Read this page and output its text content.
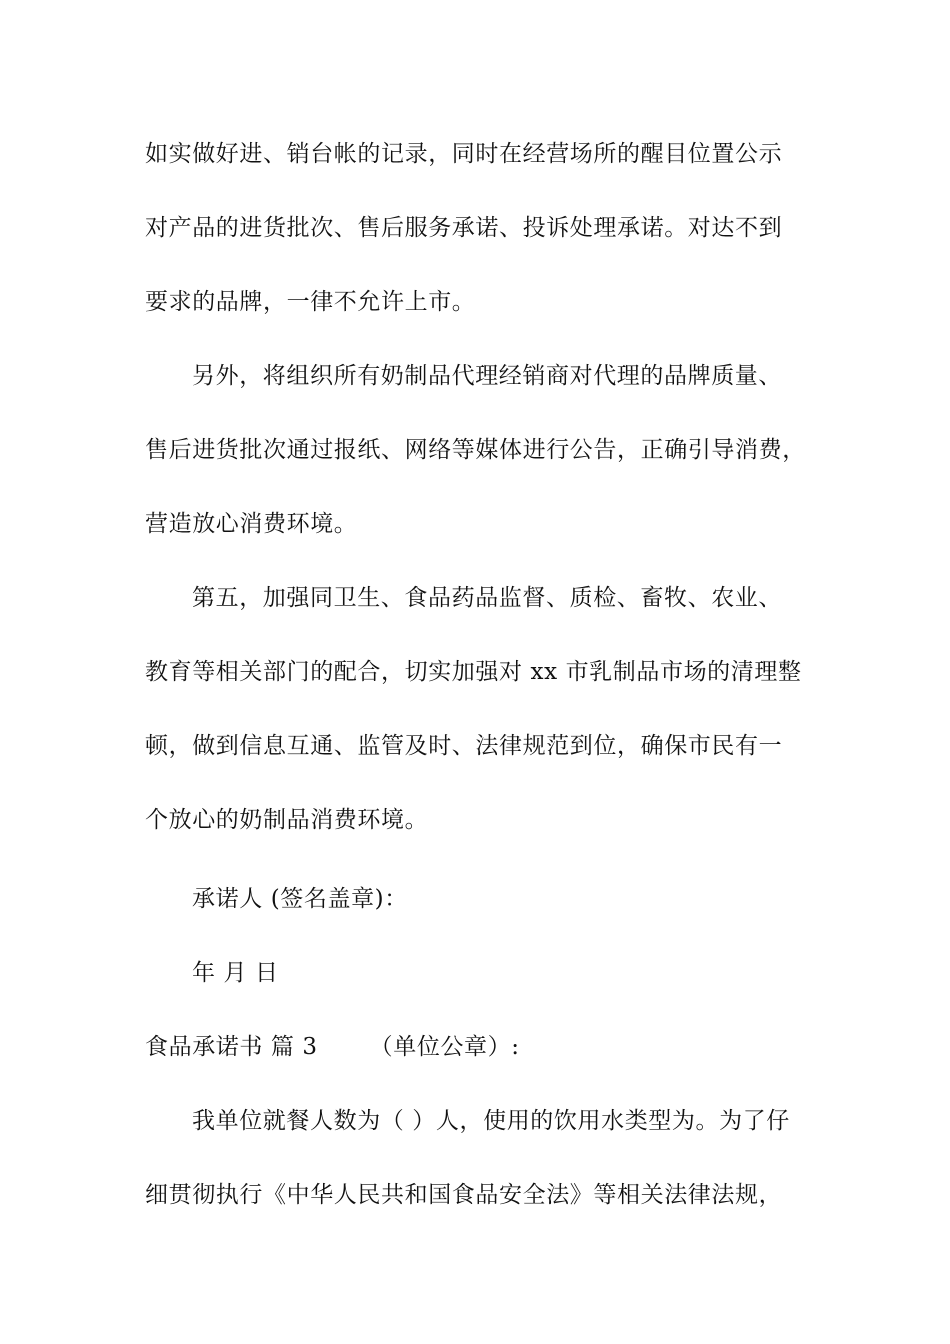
如实做好进、销台帐的记录，同时在经营场所的醒目位置公示

对产品的进货批次、售后服务承诺、投诉处理承诺。对达不到

要求的品牌，一律不允许上市。

另外，将组织所有奶制品代理经销商对代理的品牌质量、

售后进货批次通过报纸、网络等媒体进行公告，正确引导消费，

营造放心消费环境。

第五，加强同卫生、食品药品监督、质检、畜牧、农业、

教育等相关部门的配合，切实加强对 xx 市乳制品市场的清理整

顿，做到信息互通、监管及时、法律规范到位，确保市民有一

个放心的奶制品消费环境。

承诺人 (签名盖章)：

年 月 日

食品承诺书 篇 3 （单位公章）:

我单位就餐人数为（ ）人，使用的饮用水类型为。为了仔

细贯彻执行《中华人民共和国食品安全法》等相关法律法规，
